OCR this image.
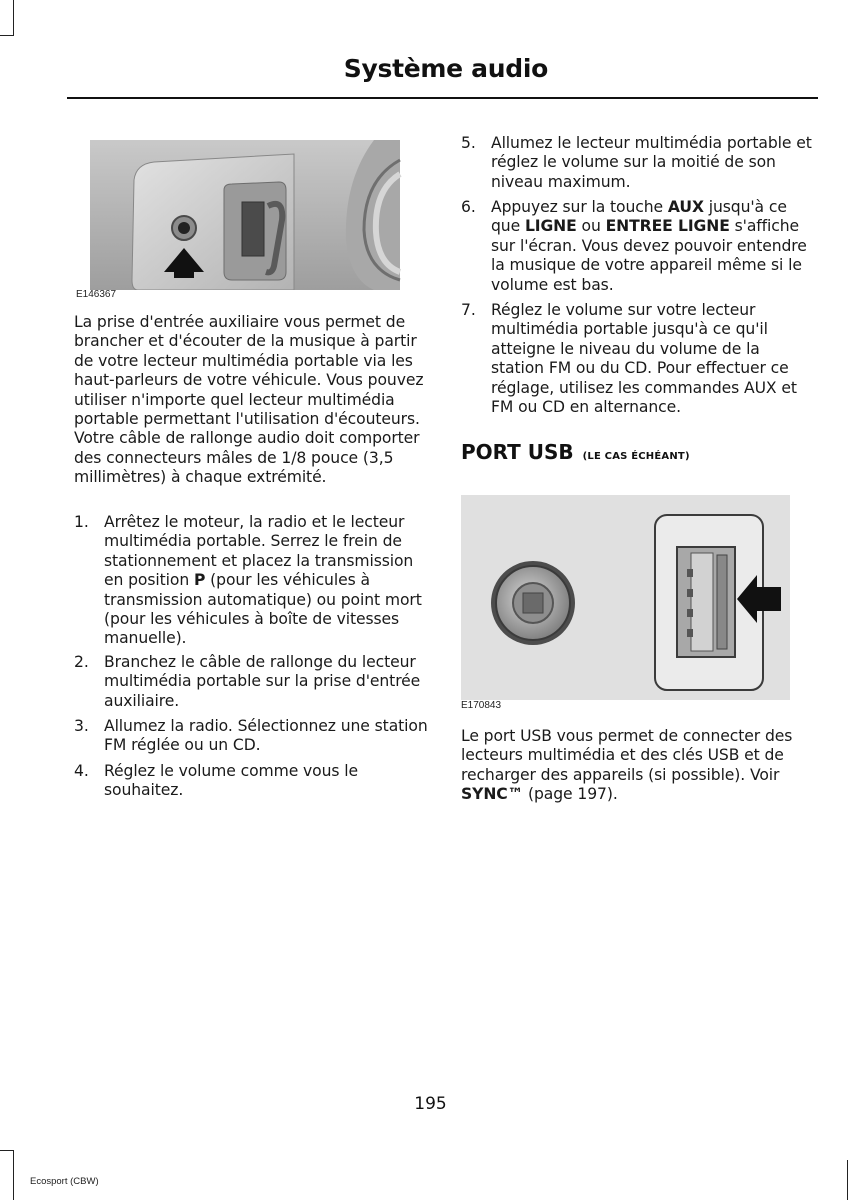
Système audio
E146367
La prise d'entrée auxiliaire vous permet de brancher et d'écouter de la musique à partir de votre lecteur multimédia portable via les haut-parleurs de votre véhicule. Vous pouvez utiliser n'importe quel lecteur multimédia portable permettant l'utilisation d'écouteurs. Votre câble de rallonge audio doit comporter des connecteurs mâles de 1/8 pouce (3,5 millimètres) à chaque extrémité.
1. Arrêtez le moteur, la radio et le lecteur multimédia portable. Serrez le frein de stationnement et placez la transmission en position P (pour les véhicules à transmission automatique) ou point mort (pour les véhicules à boîte de vitesses manuelle).
2. Branchez le câble de rallonge du lecteur multimédia portable sur la prise d'entrée auxiliaire.
3. Allumez la radio. Sélectionnez une station FM réglée ou un CD.
4. Réglez le volume comme vous le souhaitez.
5. Allumez le lecteur multimédia portable et réglez le volume sur la moitié de son niveau maximum.
6. Appuyez sur la touche AUX jusqu'à ce que LIGNE ou ENTREE LIGNE s'affiche sur l'écran. Vous devez pouvoir entendre la musique de votre appareil même si le volume est bas.
7. Réglez le volume sur votre lecteur multimédia portable jusqu'à ce qu'il atteigne le niveau du volume de la station FM ou du CD. Pour effectuer ce réglage, utilisez les commandes AUX et FM ou CD en alternance.
PORT USB (LE CAS ÉCHÉANT)
E170843
Le port USB vous permet de connecter des lecteurs multimédia et des clés USB et de recharger des appareils (si possible). Voir SYNC™ (page 197).
195
Ecosport (CBW)
